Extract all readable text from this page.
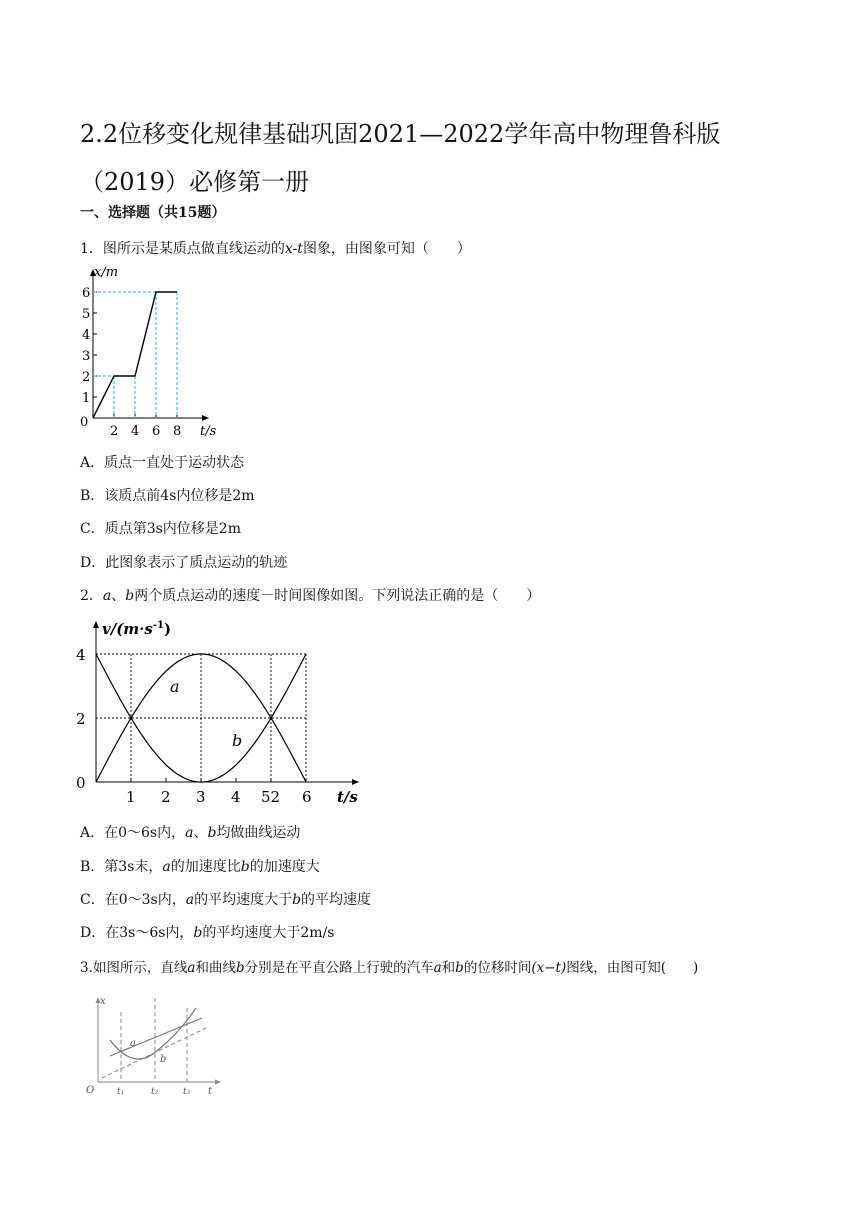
2.2位移变化规律基础巩固2021—2022学年高中物理鲁科版（2019）必修第一册

一、选择题（共15题）

1．图所示是某质点做直线运动的x-t图象，由图象可知（　　）

x/m
t/s
0
1
2
3
4
5
6
2 4 6 8

A．质点一直处于运动状态

B．该质点前4s内位移是2m

C．质点第3s内位移是2m

D．此图象表示了质点运动的轨迹

2．a、b两个质点运动的速度－时间图像如图。下列说法正确的是（　　）

$v/(m\cdot s^{-1})$
t/s
0
2
4
1 2 3 4 52 6
a
b

A．在0～6s内，a、b均做曲线运动

B．第3s末，a的加速度比b的加速度大

C．在0～3s内，a的平均速度大于b的平均速度

D．在3s～6s内，b的平均速度大于2m/s

3.如图所示，直线a和曲线b分别是在平直公路上行驶的汽车a和b的位移时间(x−t)图线，由图可知(　　)

x
t
O
a
b
t₁	t₂	t₃
